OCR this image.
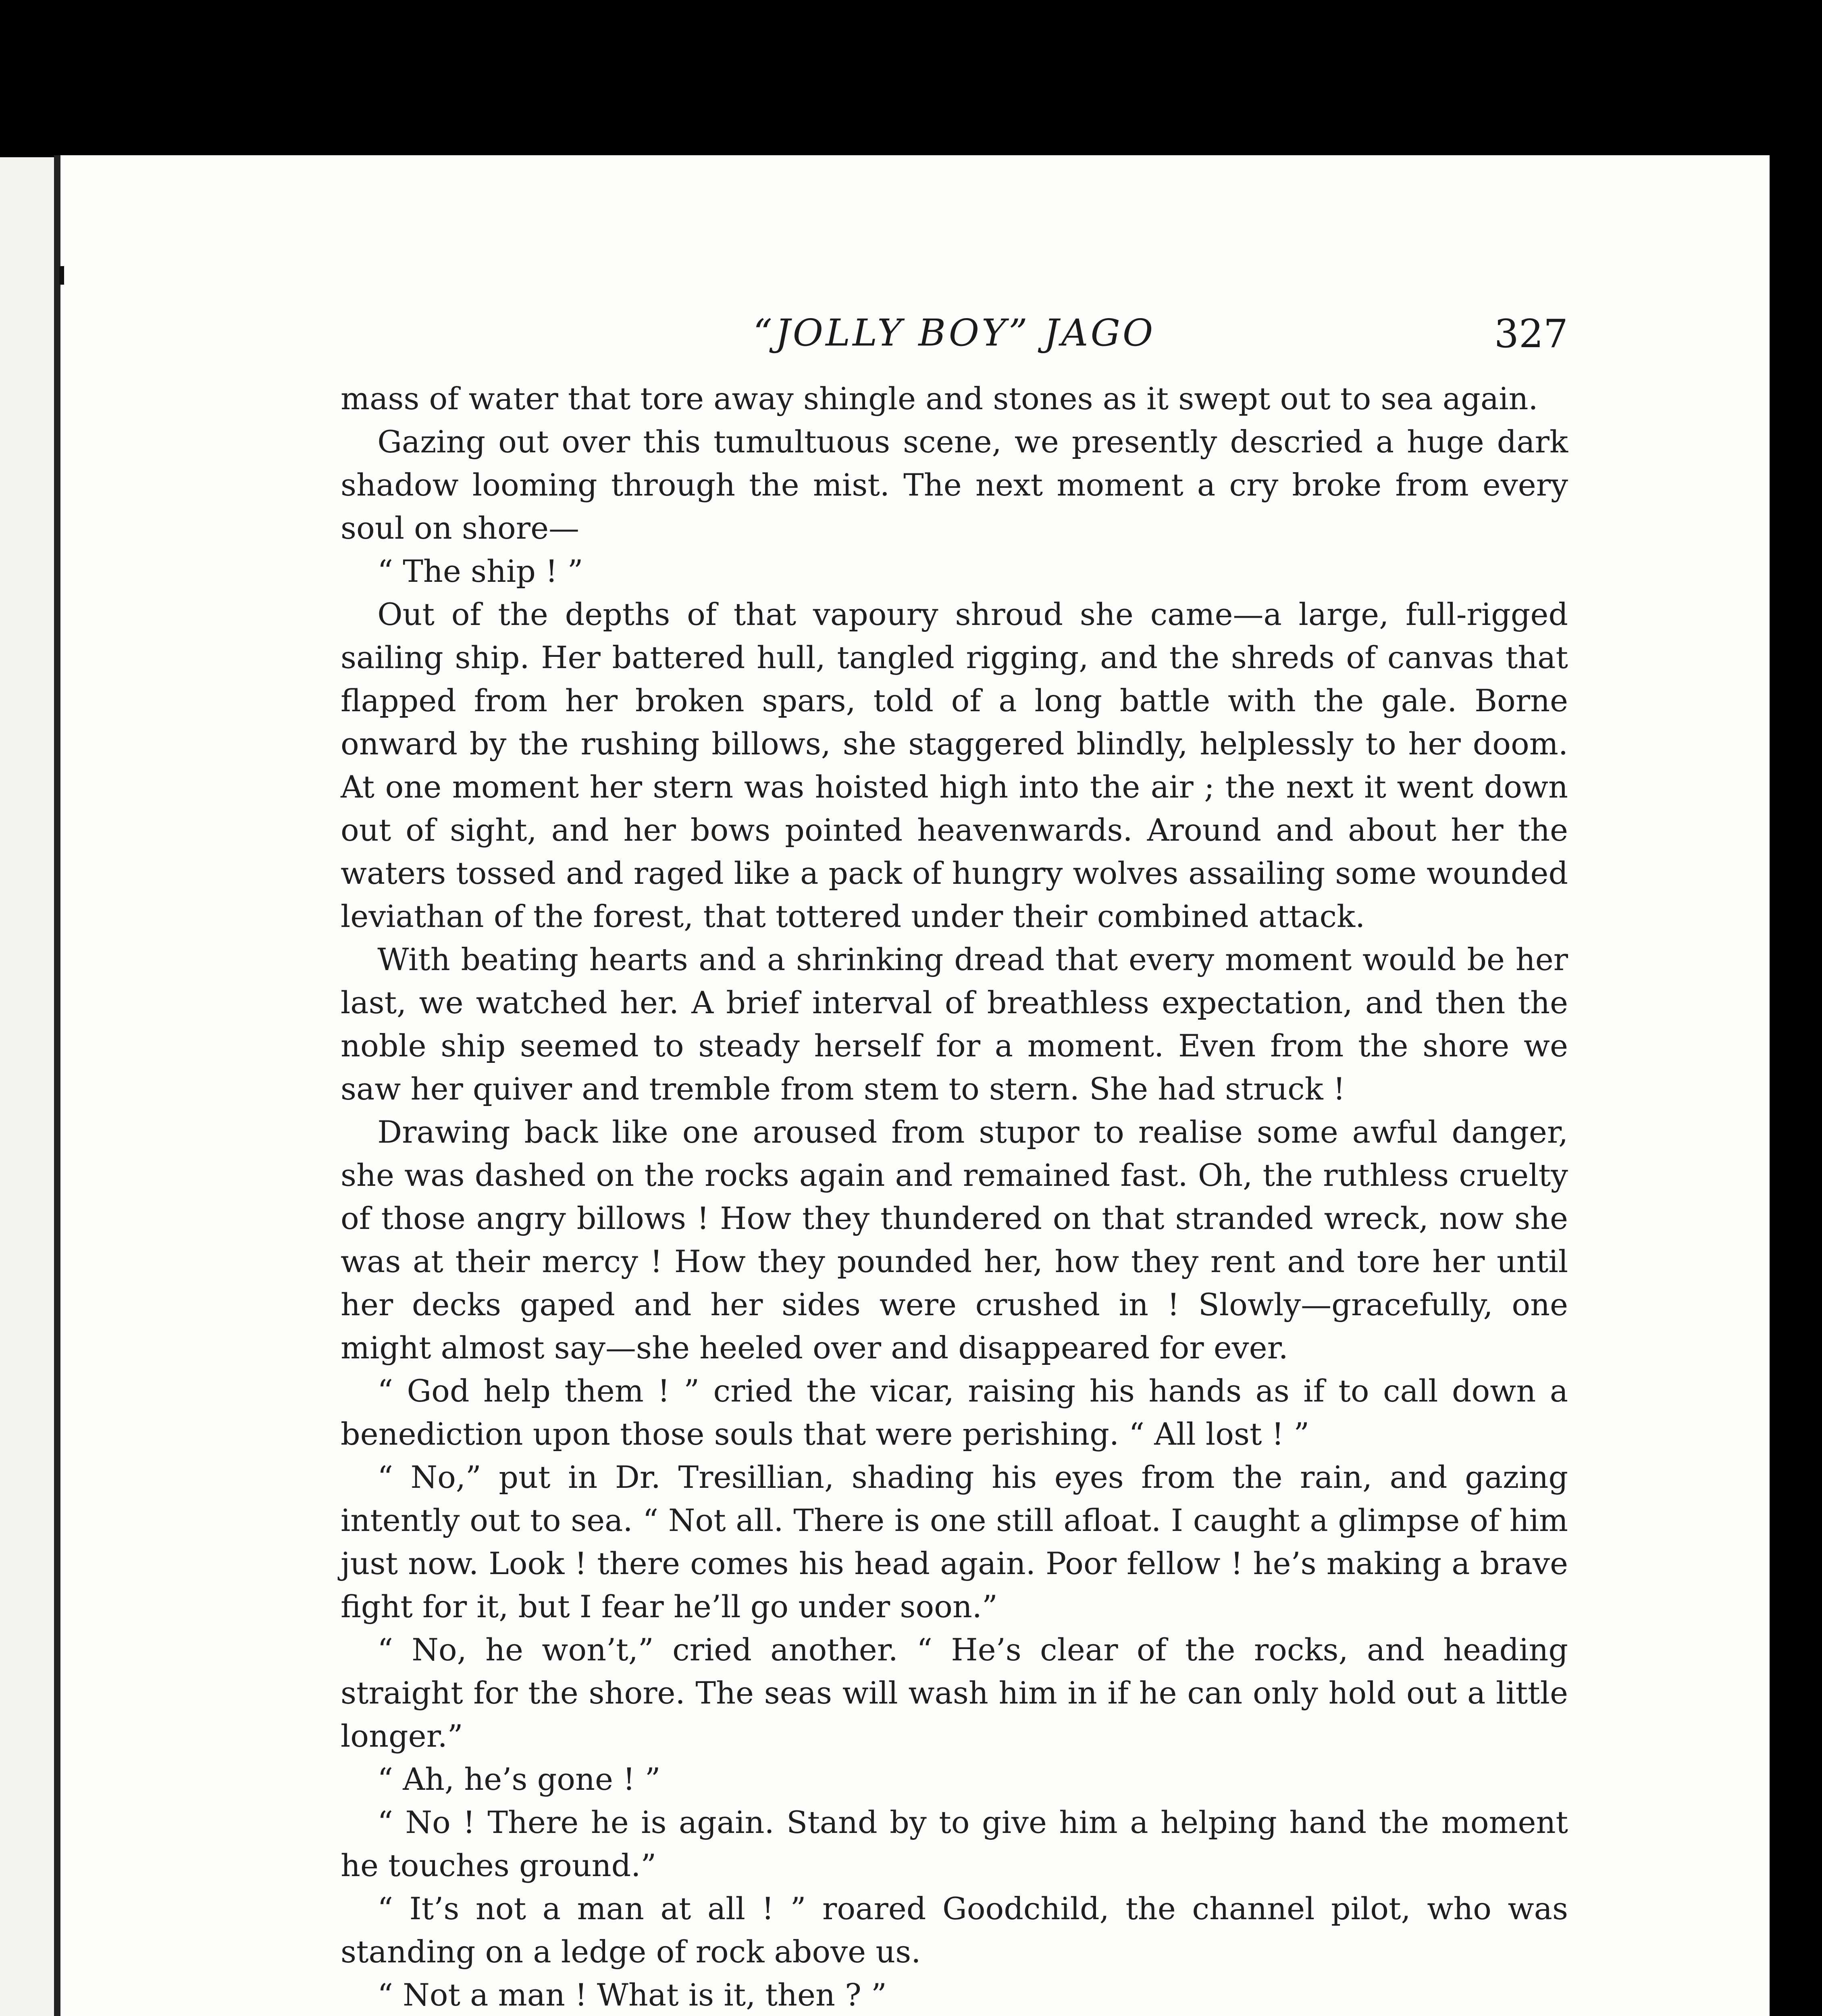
“JOLLY BOY” JAGO	327

mass of water that tore away shingle and stones as it swept out to sea again.

Gazing out over this tumultuous scene, we presently descried a huge dark shadow looming through the mist. The next moment a cry broke from every soul on shore—

“ The ship ! ”

Out of the depths of that vapoury shroud she came—a large, full-rigged sailing ship. Her battered hull, tangled rigging, and the shreds of canvas that flapped from her broken spars, told of a long battle with the gale. Borne onward by the rushing billows, she staggered blindly, helplessly to her doom. At one moment her stern was hoisted high into the air ; the next it went down out of sight, and her bows pointed heavenwards. Around and about her the waters tossed and raged like a pack of hungry wolves assailing some wounded leviathan of the forest, that tottered under their combined attack.

With beating hearts and a shrinking dread that every moment would be her last, we watched her. A brief interval of breathless expectation, and then the noble ship seemed to steady herself for a moment. Even from the shore we saw her quiver and tremble from stem to stern. She had struck !

Drawing back like one aroused from stupor to realise some awful danger, she was dashed on the rocks again and remained fast. Oh, the ruthless cruelty of those angry billows ! How they thundered on that stranded wreck, now she was at their mercy ! How they pounded her, how they rent and tore her until her decks gaped and her sides were crushed in ! Slowly—gracefully, one might almost say—she heeled over and disappeared for ever.

“ God help them ! ” cried the vicar, raising his hands as if to call down a benediction upon those souls that were perishing. “ All lost ! ”

“ No,” put in Dr. Tresillian, shading his eyes from the rain, and gazing intently out to sea. “ Not all. There is one still afloat. I caught a glimpse of him just now. Look ! there comes his head again. Poor fellow ! he’s making a brave fight for it, but I fear he’ll go under soon.”

“ No, he won’t,” cried another. “ He’s clear of the rocks, and heading straight for the shore. The seas will wash him in if he can only hold out a little longer.”

“ Ah, he’s gone ! ”

“ No ! There he is again. Stand by to give him a helping hand the moment he touches ground.”

“ It’s not a man at all ! ” roared Goodchild, the channel pilot, who was standing on a ledge of rock above us.

“ Not a man ! What is it, then ? ”
